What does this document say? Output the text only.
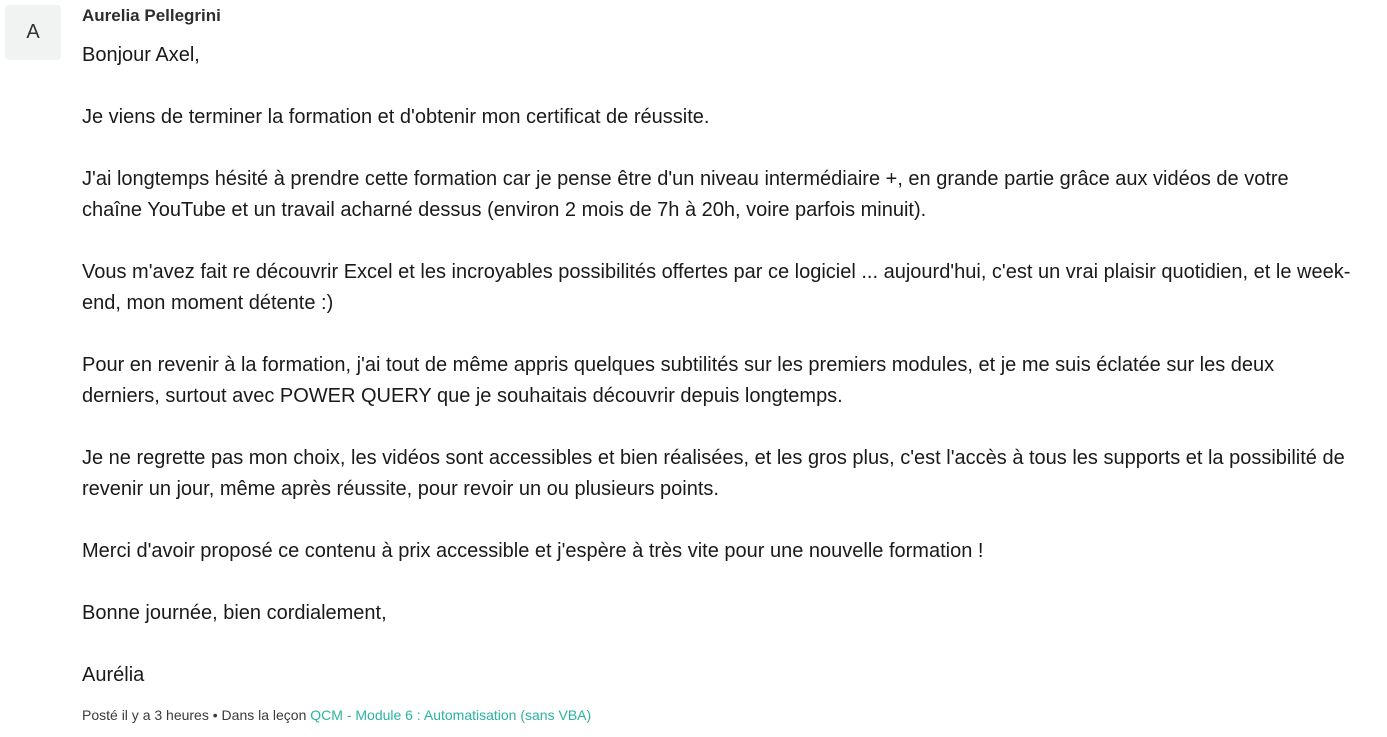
A
Aurelia Pellegrini

Bonjour Axel,

Je viens de terminer la formation et d'obtenir mon certificat de réussite.

J'ai longtemps hésité à prendre cette formation car je pense être d'un niveau intermédiaire +, en grande partie grâce aux vidéos de votre chaîne YouTube et un travail acharné dessus (environ 2 mois de 7h à 20h, voire parfois minuit).

Vous m'avez fait re découvrir Excel et les incroyables possibilités offertes par ce logiciel ... aujourd'hui, c'est un vrai plaisir quotidien, et le week-end, mon moment détente :)

Pour en revenir à la formation, j'ai tout de même appris quelques subtilités sur les premiers modules, et je me suis éclatée sur les deux derniers, surtout avec POWER QUERY que je souhaitais découvrir depuis longtemps.

Je ne regrette pas mon choix, les vidéos sont accessibles et bien réalisées, et les gros plus, c'est l'accès à tous les supports et la possibilité de revenir un jour, même après réussite, pour revoir un ou plusieurs points.

Merci d'avoir proposé ce contenu à prix accessible et j'espère à très vite pour une nouvelle formation !

Bonne journée, bien cordialement,

Aurélia

Posté il y a 3 heures • Dans la leçon QCM - Module 6 : Automatisation (sans VBA)
